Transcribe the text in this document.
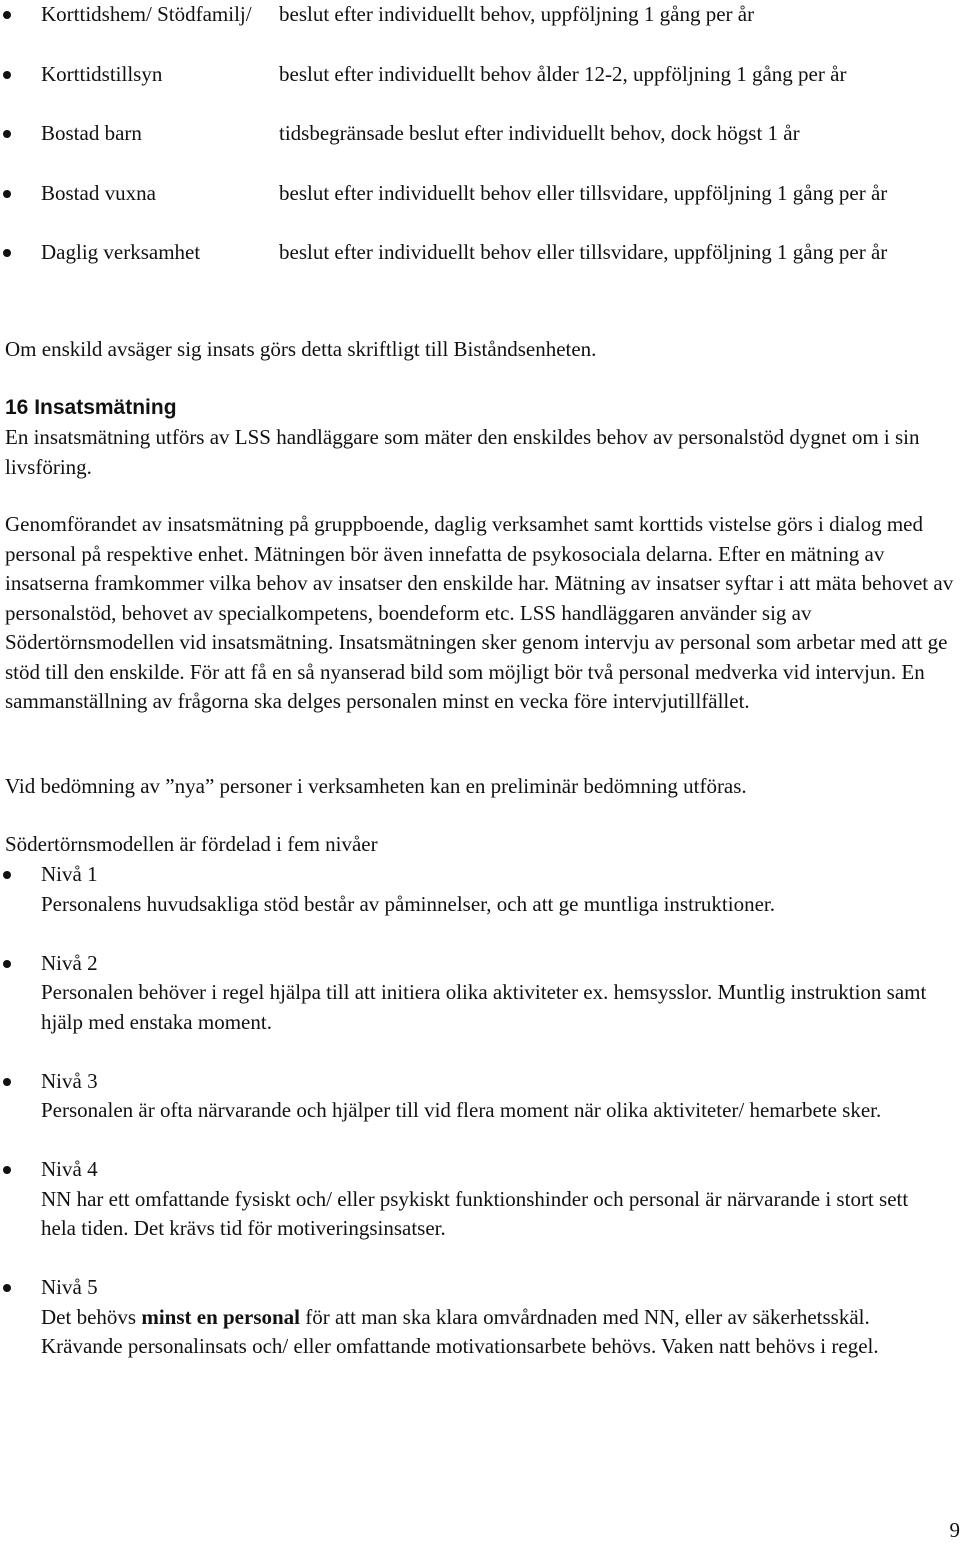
Korttidshem/ Stödfamilj/	beslut efter individuellt behov, uppföljning 1 gång per år
Korttidstillsyn	beslut efter individuellt behov ålder 12-2, uppföljning 1 gång per år
Bostad barn	tidsbegränsade beslut efter individuellt behov, dock högst 1 år
Bostad vuxna	beslut efter individuellt behov eller tillsvidare, uppföljning 1 gång per år
Daglig verksamhet	beslut efter individuellt behov eller tillsvidare, uppföljning 1 gång per år

Om enskild avsäger sig insats görs detta skriftligt till Biståndsenheten.

16 Insatsmätning

En insatsmätning utförs av LSS handläggare som mäter den enskildes behov av personalstöd dygnet om i sin livsföring.

Genomförandet av insatsmätning på gruppboende, daglig verksamhet samt korttids vistelse görs i dialog med personal på respektive enhet. Mätningen bör även innefatta de psykosociala delarna. Efter en mätning av insatserna framkommer vilka behov av insatser den enskilde har. Mätning av insatser syftar i att mäta behovet av personalstöd, behovet av specialkompetens, boendeform etc. LSS handläggaren använder sig av Södertörnsmodellen vid insatsmätning. Insatsmätningen sker genom intervju av personal som arbetar med att ge stöd till den enskilde. För att få en så nyanserad bild som möjligt bör två personal medverka vid intervjun. En sammanställning av frågorna ska delges personalen minst en vecka före intervjutillfället.

Vid bedömning av ”nya” personer i verksamheten kan en preliminär bedömning utföras.

Södertörnsmodellen är fördelad i fem nivåer

Nivå 1
Personalens huvudsakliga stöd består av påminnelser, och att ge muntliga instruktioner.
Nivå 2
Personalen behöver i regel hjälpa till att initiera olika aktiviteter ex. hemsysslor. Muntlig instruktion samt hjälp med enstaka moment.
Nivå 3
Personalen är ofta närvarande och hjälper till vid flera moment när olika aktiviteter/ hemarbete sker.
Nivå 4
NN har ett omfattande fysiskt och/ eller psykiskt funktionshinder och personal är närvarande i stort sett hela tiden. Det krävs tid för motiveringsinsatser.
Nivå 5
Det behövs minst en personal för att man ska klara omvårdnaden med NN, eller av säkerhetsskäl. Krävande personalinsats och/ eller omfattande motivationsarbete behövs. Vaken natt behövs i regel.
9
